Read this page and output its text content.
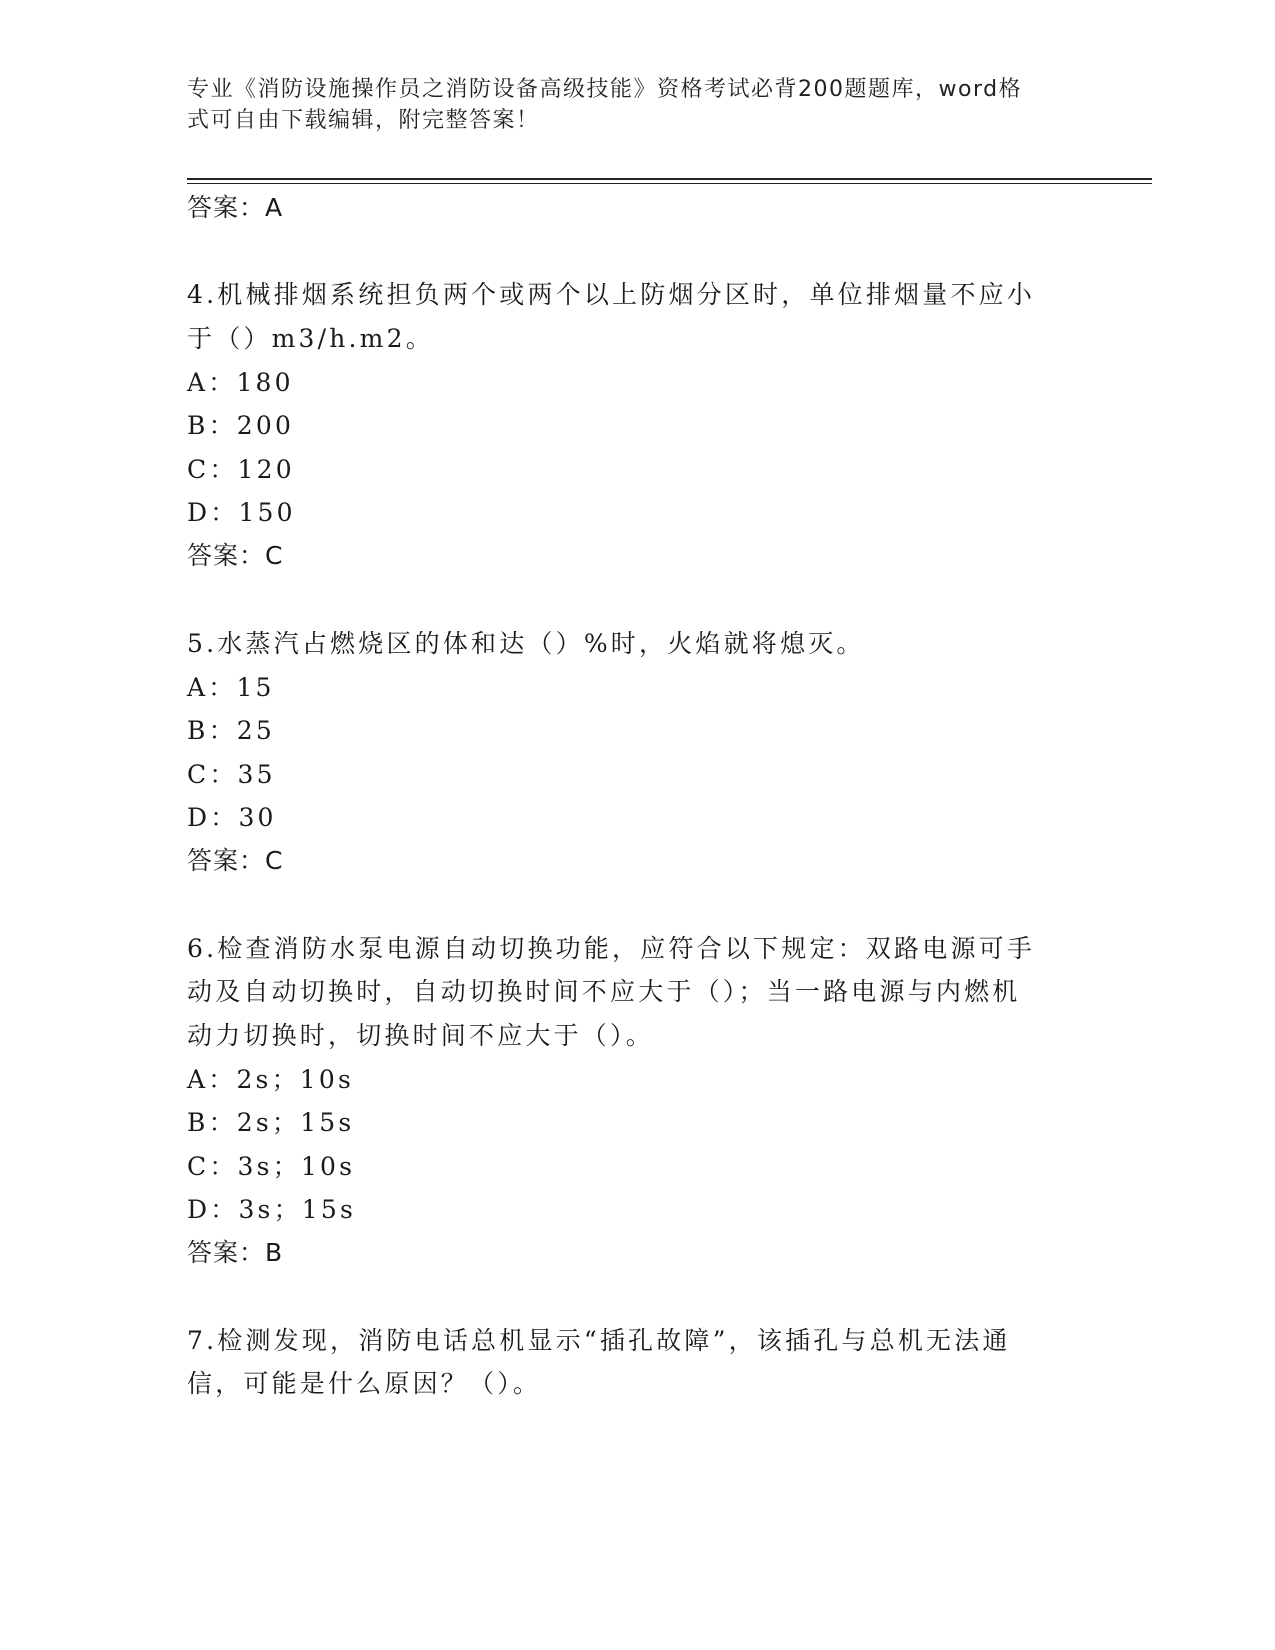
专业《消防设施操作员之消防设备高级技能》资格考试必背200题题库，word格
式可自由下载编辑，附完整答案！
答案：A
4.机械排烟系统担负两个或两个以上防烟分区时，单位排烟量不应小
于（）m3/h.m2。
A：180
B：200
C：120
D：150
答案：C
5.水蒸汽占燃烧区的体和达（）%时，火焰就将熄灭。
A：15
B：25
C：35
D：30
答案：C
6.检查消防水泵电源自动切换功能，应符合以下规定：双路电源可手
动及自动切换时，自动切换时间不应大于（）；当一路电源与内燃机
动力切换时，切换时间不应大于（）。
A：2s；10s
B：2s；15s
C：3s；10s
D：3s；15s
答案：B
7.检测发现，消防电话总机显示“插孔故障”，该插孔与总机无法通
信，可能是什么原因？（）。
